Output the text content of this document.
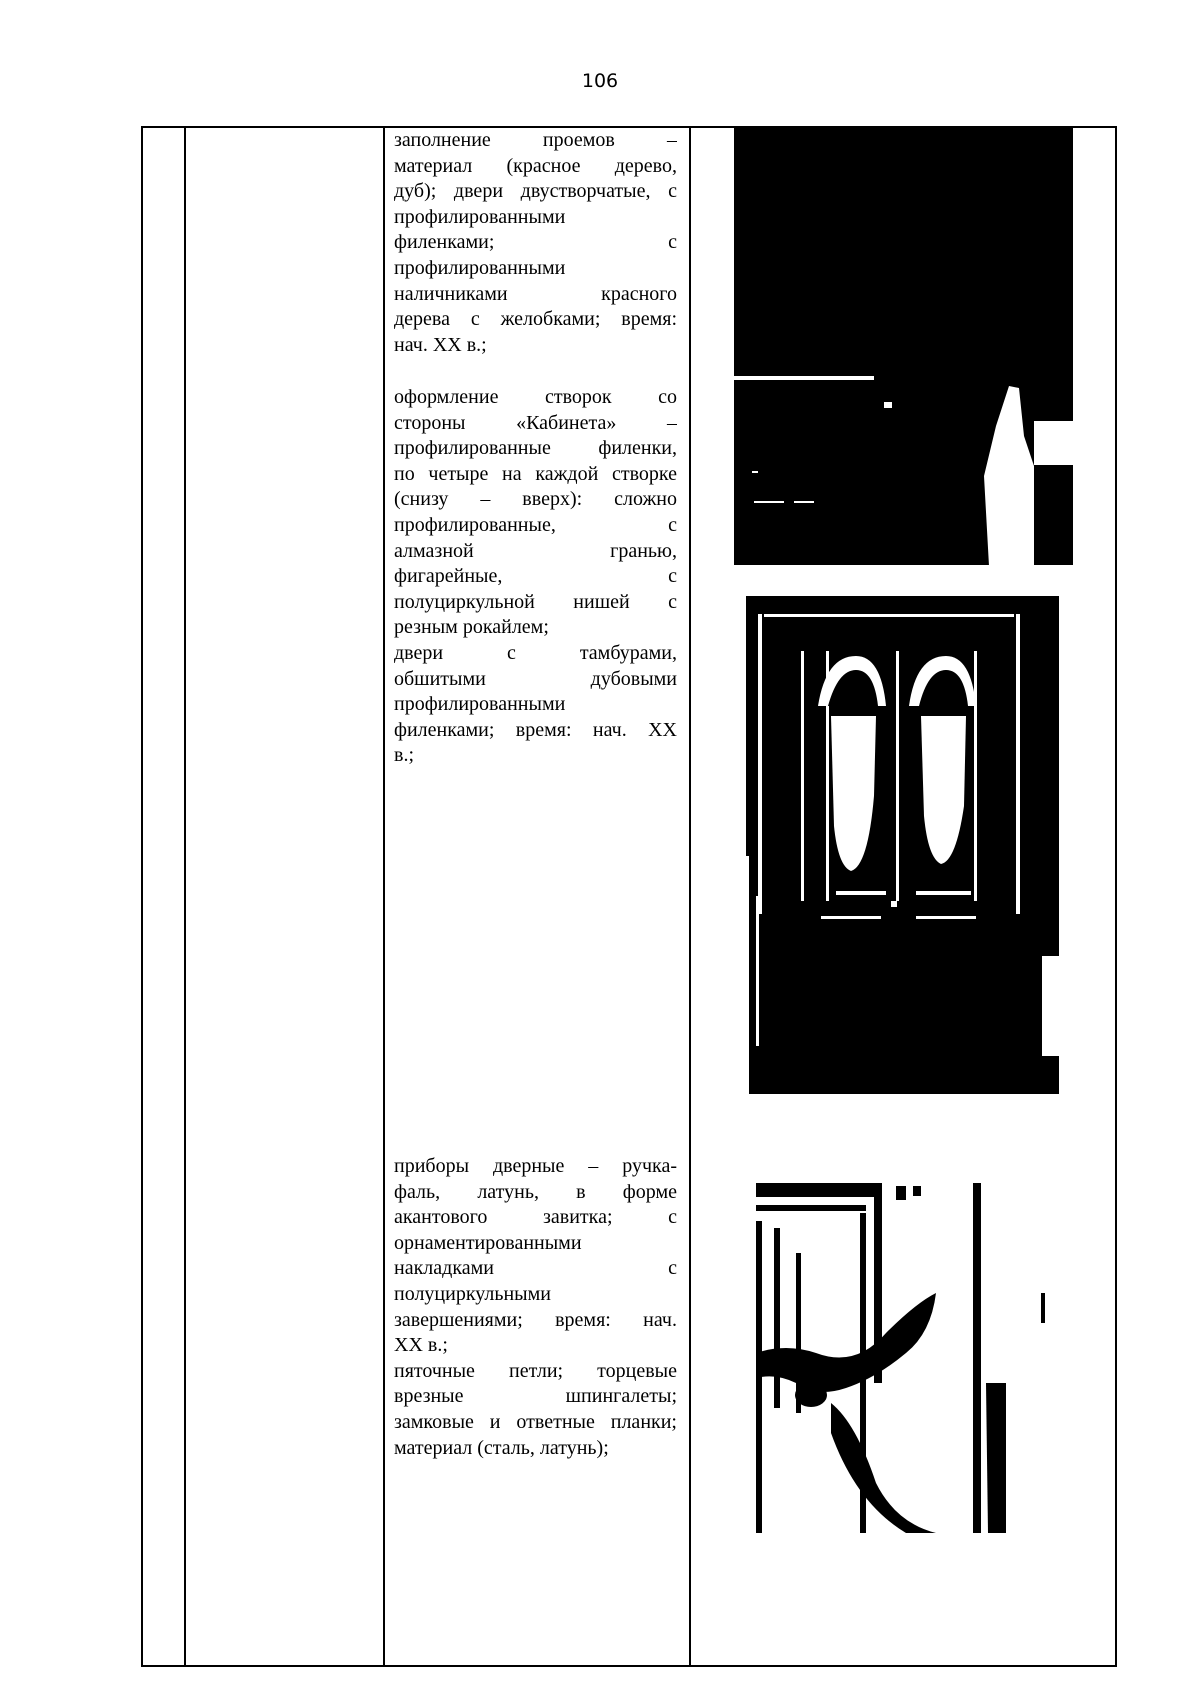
106

заполнение проемов –
материал (красное дерево,
дуб); двери двустворчатые, с
профилированными
филенками; с
профилированными
наличниками красного
дерева с желобками; время:
нач. XX в.;

оформление створок со
стороны «Кабинета» –
профилированные филенки,
по четыре на каждой створке
(снизу – вверх): сложно
профилированные, с
алмазной гранью,
фигарейные, с
полуциркульной нишей с
резным рокайлем;
двери с тамбурами,
обшитыми дубовыми
профилированными
филенками; время: нач. XX
в.;

приборы дверные – ручка-
фаль, латунь, в форме
акантового завитка; с
орнаментированными
накладками с
полуциркульными
завершениями; время: нач.
XX в.;
пяточные петли; торцевые
врезные шпингалеты;
замковые и ответные планки;
материал (сталь, латунь);
